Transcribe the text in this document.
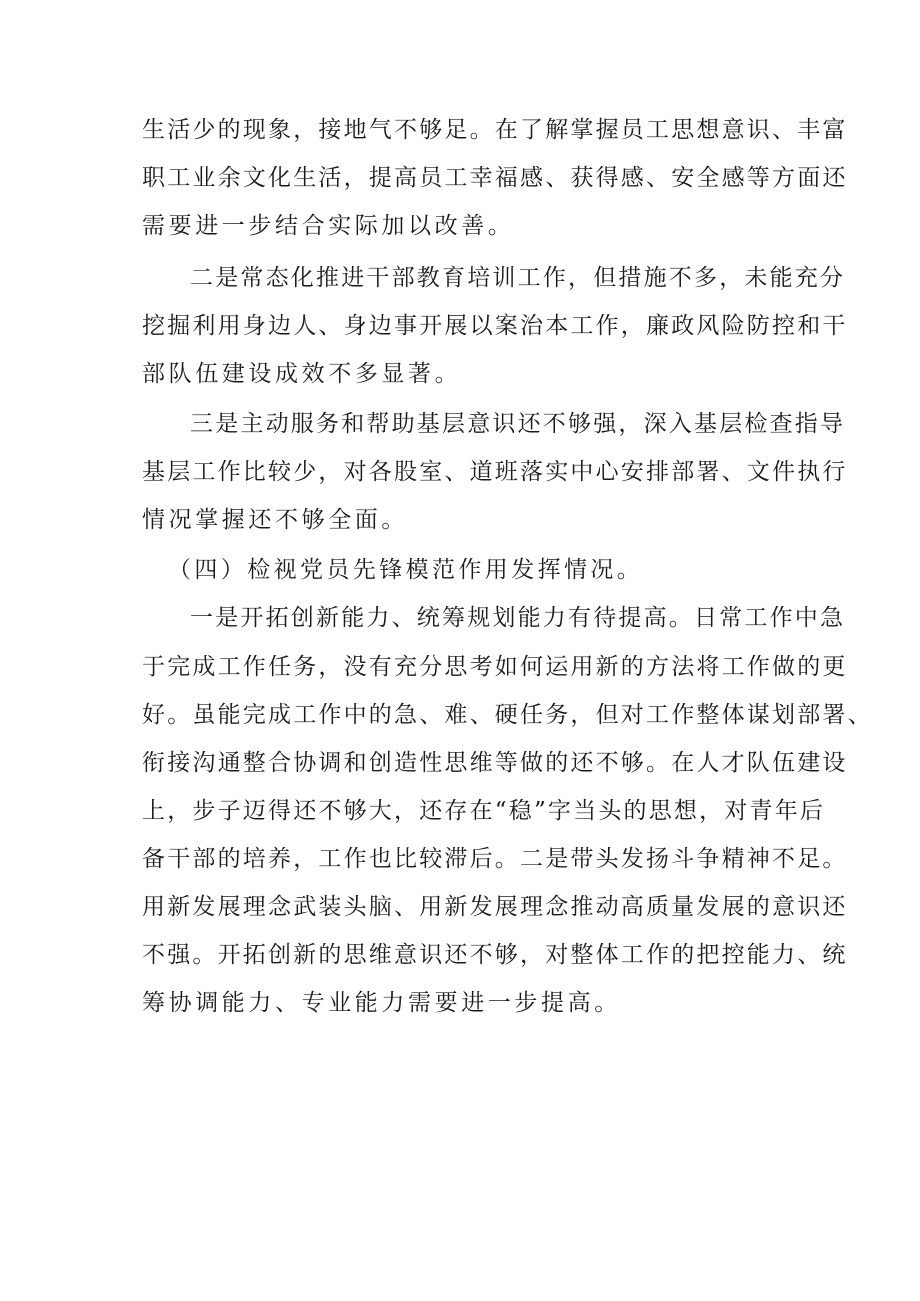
生活少的现象，接地气不够足。在了解掌握员工思想意识、丰富
职工业余文化生活，提高员工幸福感、获得感、安全感等方面还
需要进一步结合实际加以改善。
二是常态化推进干部教育培训工作，但措施不多，未能充分
挖掘利用身边人、身边事开展以案治本工作，廉政风险防控和干
部队伍建设成效不多显著。
三是主动服务和帮助基层意识还不够强，深入基层检查指导
基层工作比较少，对各股室、道班落实中心安排部署、文件执行
情况掌握还不够全面。
（四）检视党员先锋模范作用发挥情况。
一是开拓创新能力、统筹规划能力有待提高。日常工作中急
于完成工作任务，没有充分思考如何运用新的方法将工作做的更
好。虽能完成工作中的急、难、硬任务，但对工作整体谋划部署、
衔接沟通整合协调和创造性思维等做的还不够。在人才队伍建设
上，步子迈得还不够大，还存在“稳”字当头的思想，对青年后
备干部的培养，工作也比较滞后。二是带头发扬斗争精神不足。
用新发展理念武装头脑、用新发展理念推动高质量发展的意识还
不强。开拓创新的思维意识还不够，对整体工作的把控能力、统
筹协调能力、专业能力需要进一步提高。
